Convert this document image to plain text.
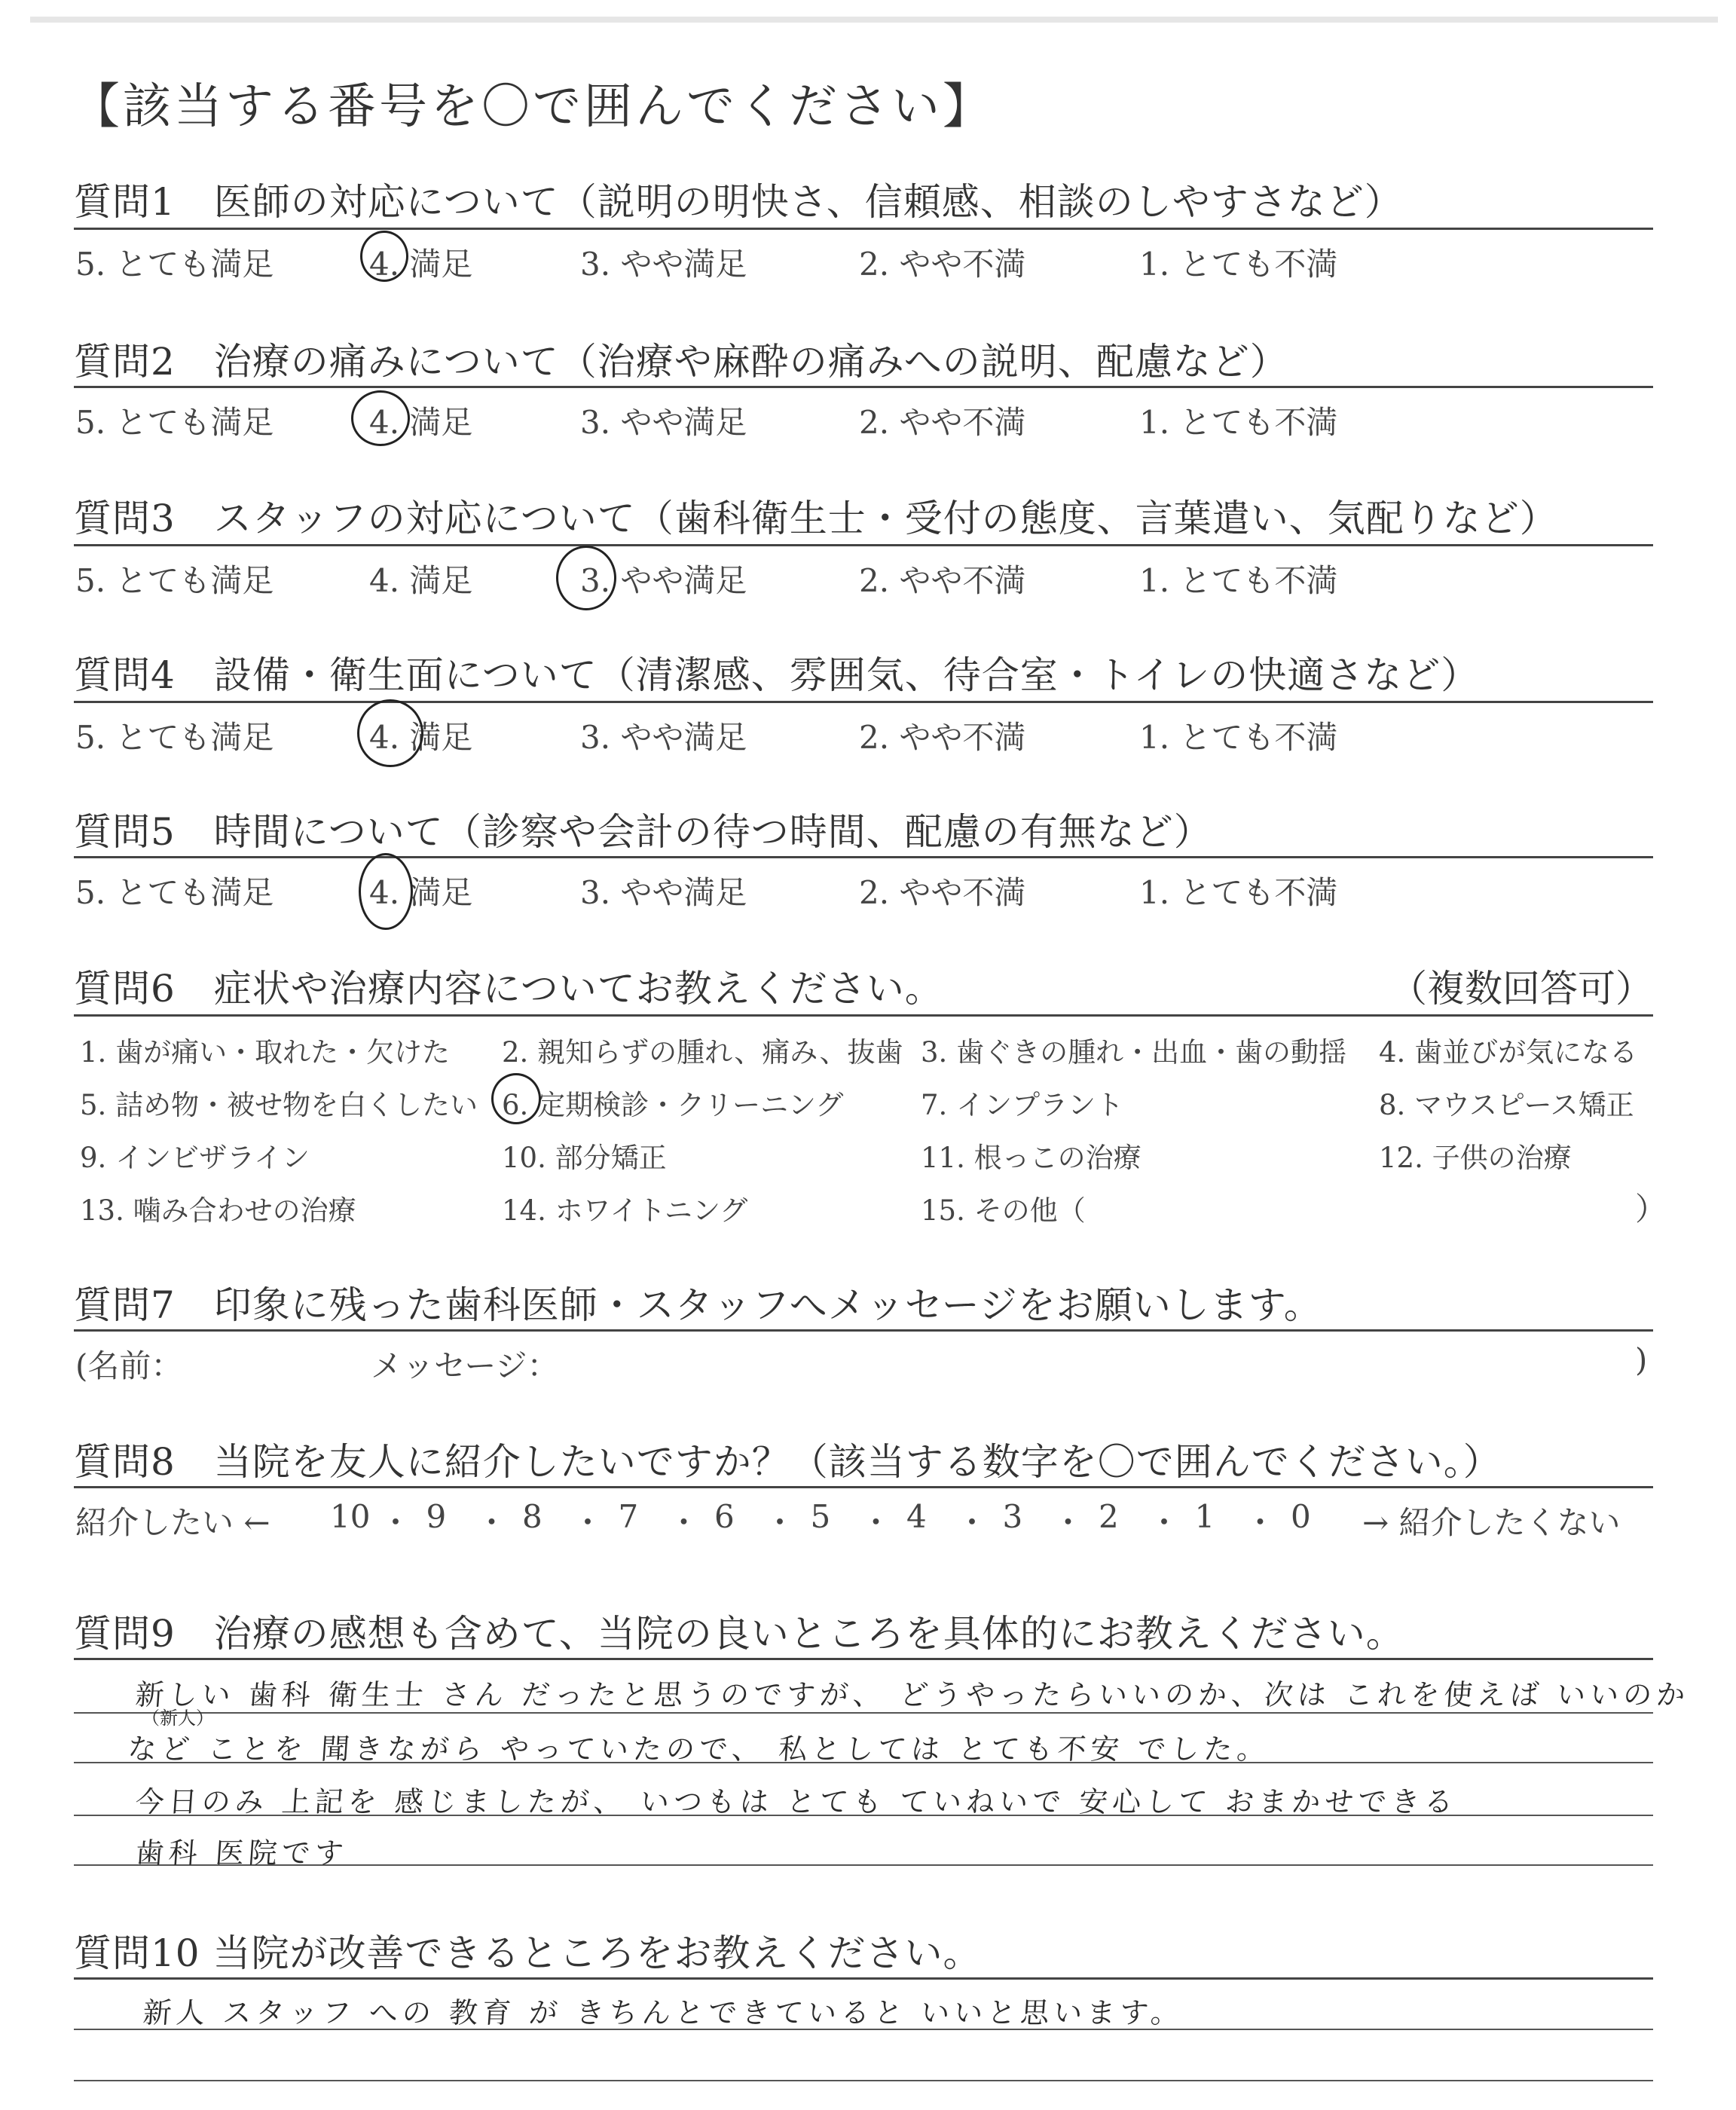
【該当する番号を〇で囲んでください】
質問1　医師の対応について（説明の明快さ、信頼感、相談のしやすさなど）
5. とても満足	4. 満足	3. やや満足	2. やや不満	1. とても不満
質問2　治療の痛みについて（治療や麻酔の痛みへの説明、配慮など）
5. とても満足	4. 満足	3. やや満足	2. やや不満	1. とても不満
質問3　スタッフの対応について（歯科衛生士・受付の態度、言葉遣い、気配りなど）
5. とても満足	4. 満足	3. やや満足	2. やや不満	1. とても不満
質問4　設備・衛生面について（清潔感、雰囲気、待合室・トイレの快適さなど）
5. とても満足	4. 満足	3. やや満足	2. やや不満	1. とても不満
質問5　時間について（診察や会計の待つ時間、配慮の有無など）
5. とても満足	4. 満足	3. やや満足	2. やや不満	1. とても不満
質問6　症状や治療内容についてお教えください。	（複数回答可）
1. 歯が痛い・取れた・欠けた 2. 親知らずの腫れ、痛み、抜歯 3. 歯ぐきの腫れ・出血・歯の動揺 4. 歯並びが気になる
5. 詰め物・被せ物を白くしたい 6. 定期検診・クリーニング	7. インプラント	8. マウスピース矯正
9. インビザライン	10. 部分矯正	11. 根っこの治療	12. 子供の治療
13. 噛み合わせの治療	14. ホワイトニング	15. その他（	）
質問7　印象に残った歯科医師・スタッフへメッセージをお願いします。
(名前：	メッセージ：	)
質問8　当院を友人に紹介したいですか？（該当する数字を〇で囲んでください。）
紹介したい ← 10 ・ 9 ・ 8 ・ 7 ・ 6 ・ 5 ・ 4 ・ 3 ・ 2 ・ 1 ・ 0 → 紹介したくない
質問9　治療の感想も含めて、当院の良いところを具体的にお教えください。
新しい 歯科 衛生士 さん だったと思うのですが、 どうやったらいいのか、次は これを使えば いいのか
（新人）
など ことを 聞きながら やっていたので、 私としては とても不安 でした。
今日のみ 上記を 感じましたが、 いつもは とても ていねいで 安心して おまかせできる
歯科 医院です
質問10 当院が改善できるところをお教えください。
新人 スタッフ への 教育 が きちんとできていると いいと思います。
